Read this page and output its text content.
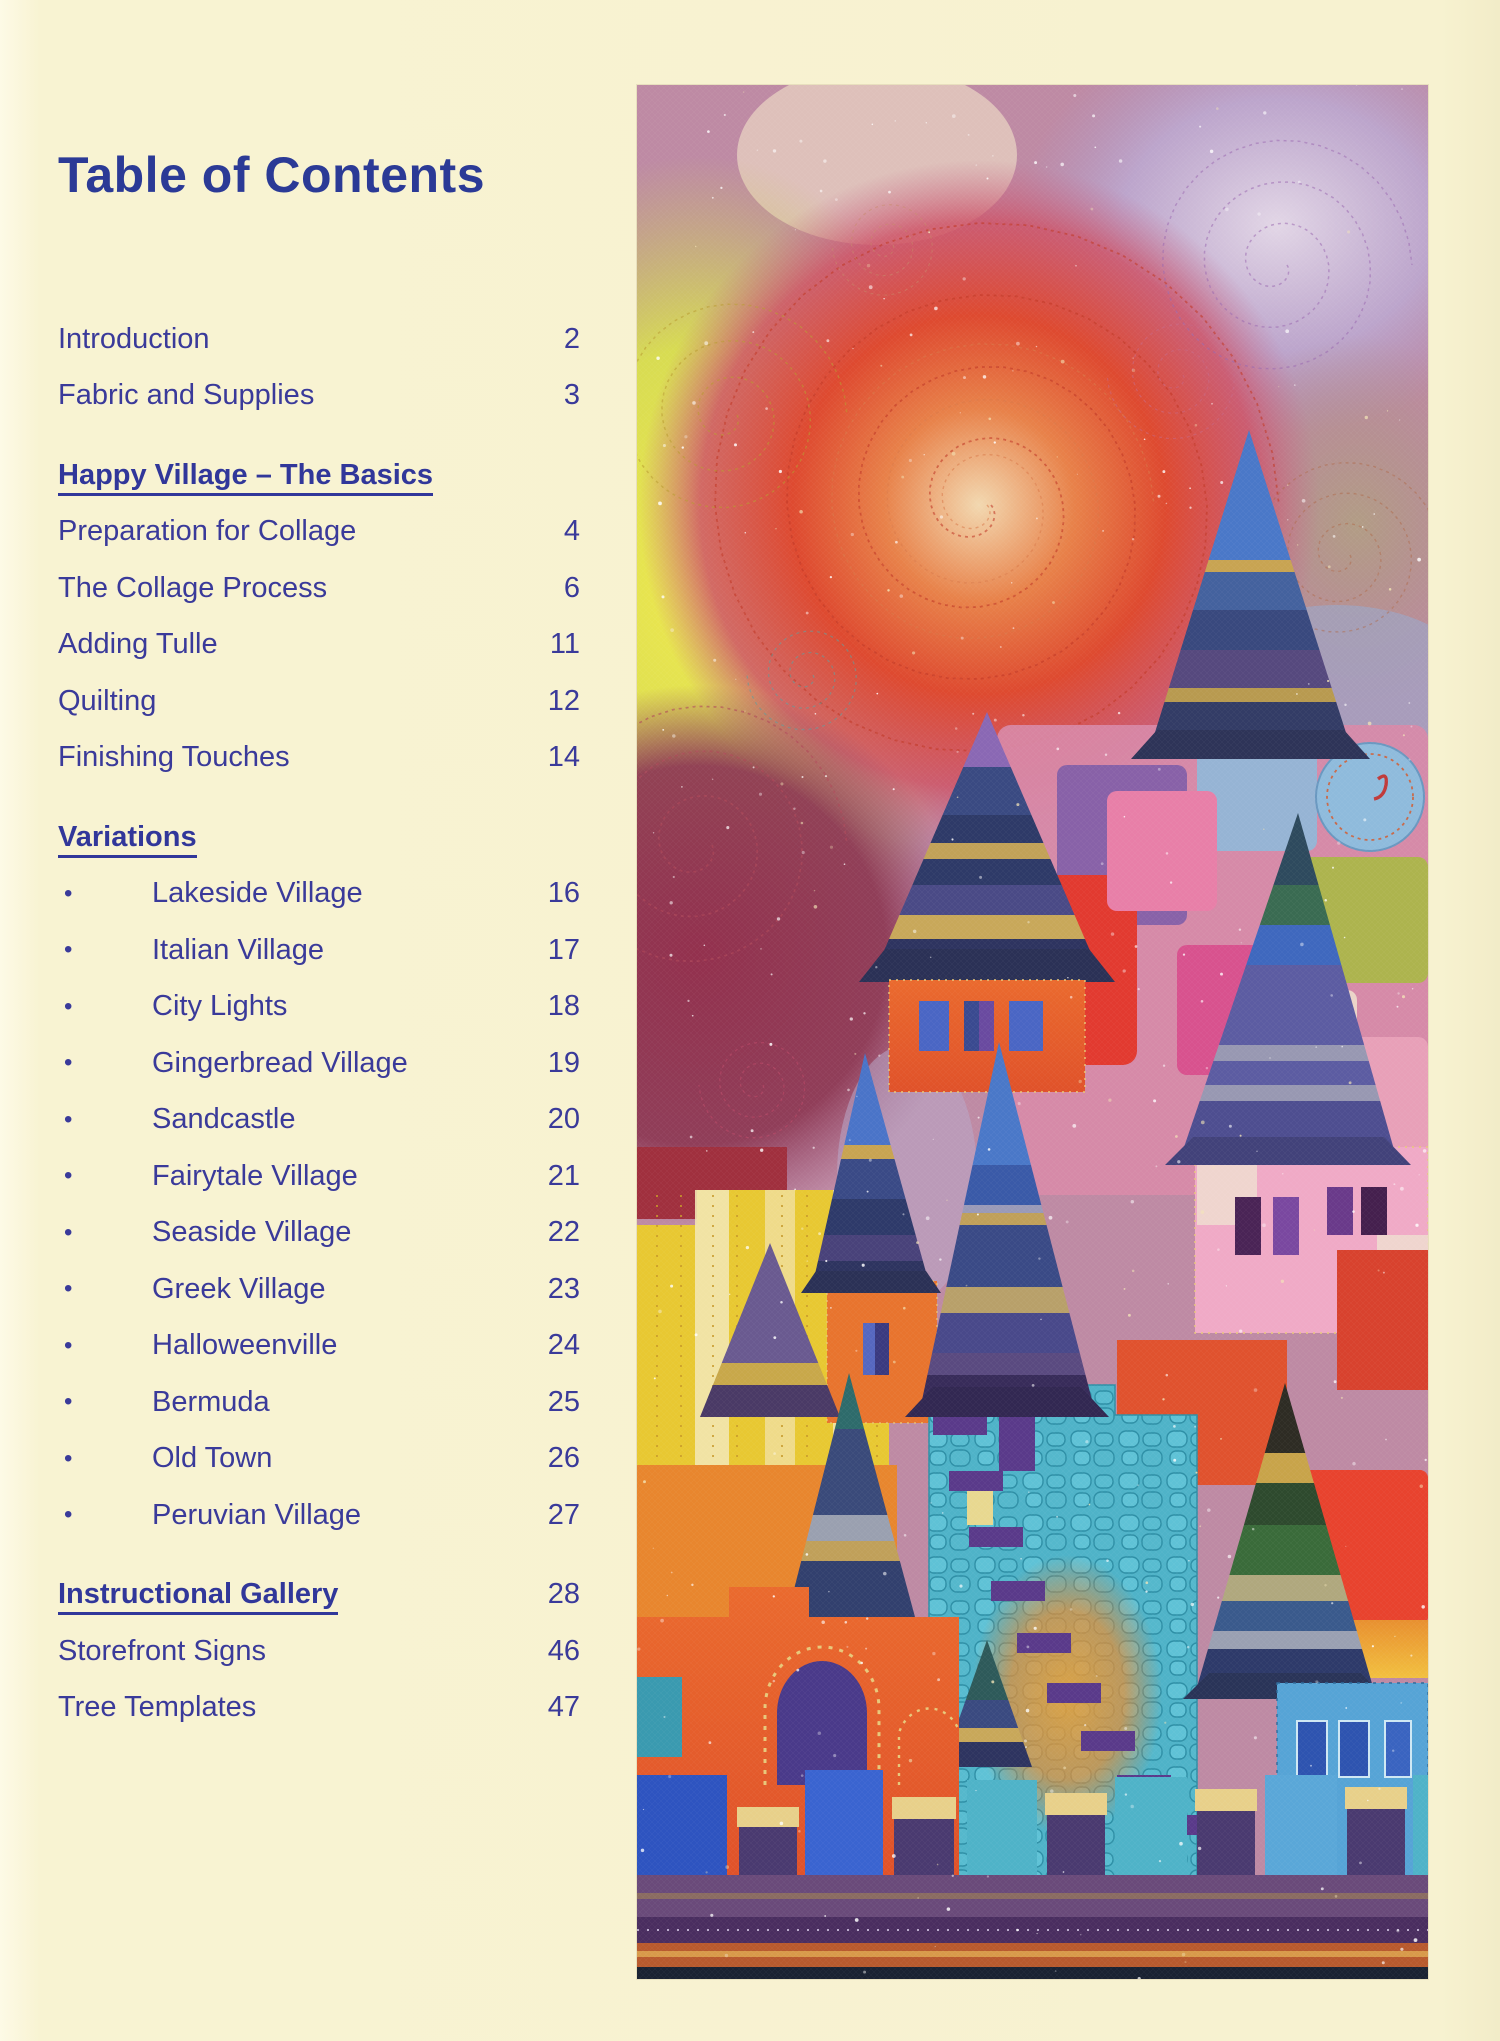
Table of Contents
Introduction	2
Fabric and Supplies	3
Happy Village – The Basics
Preparation for Collage	4
The Collage Process	6
Adding Tulle	11
Quilting	12
Finishing Touches	14
Variations
•	Lakeside Village	16
•	Italian Village	17
•	City Lights	18
•	Gingerbread Village	19
•	Sandcastle	20
•	Fairytale Village	21
•	Seaside Village	22
•	Greek Village	23
•	Halloweenville	24
•	Bermuda	25
•	Old Town	26
•	Peruvian Village	27
Instructional Gallery	28
Storefront Signs	46
Tree Templates	47
